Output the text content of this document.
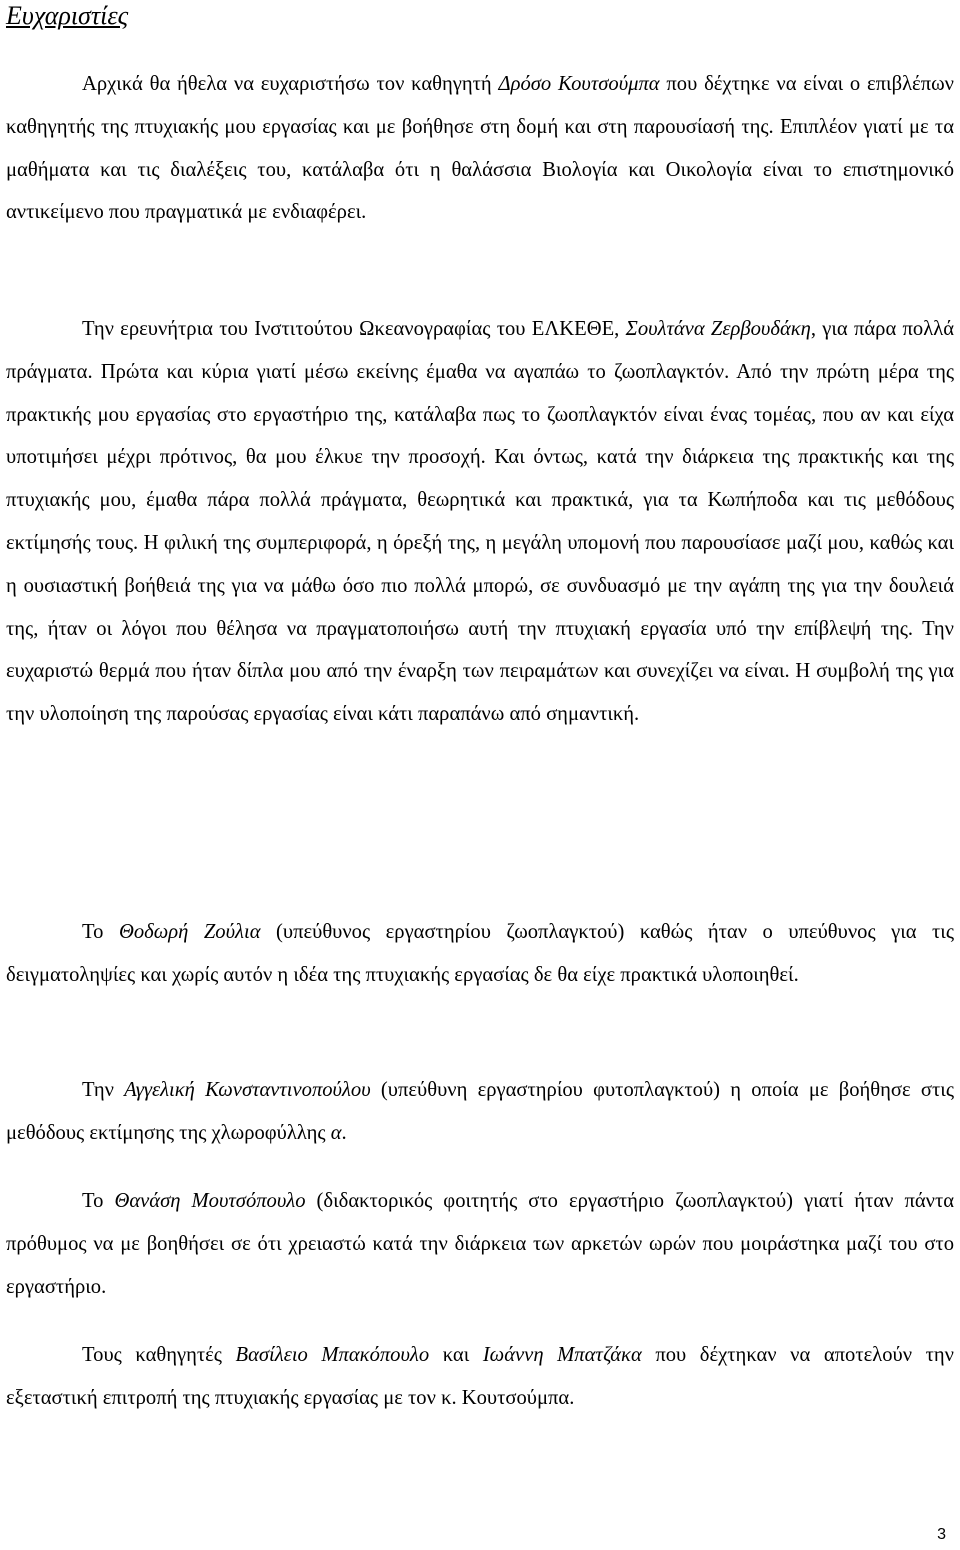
Ευχαριστίες

Αρχικά θα ήθελα να ευχαριστήσω τον καθηγητή Δρόσο Κουτσούμπα που δέχτηκε να είναι ο επιβλέπων καθηγητής της πτυχιακής μου εργασίας και με βοήθησε στη δομή και στη παρουσίασή της. Επιπλέον γιατί με τα μαθήματα και τις διαλέξεις του, κατάλαβα ότι η θαλάσσια Βιολογία και Οικολογία είναι το επιστημονικό αντικείμενο που πραγματικά με ενδιαφέρει.

Την ερευνήτρια του Ινστιτούτου Ωκεανογραφίας του ΕΛΚΕΘΕ, Σουλτάνα Ζερβουδάκη, για πάρα πολλά πράγματα. Πρώτα και κύρια γιατί μέσω εκείνης έμαθα να αγαπάω το ζωοπλαγκτόν. Από την πρώτη μέρα της πρακτικής μου εργασίας στο εργαστήριο της, κατάλαβα πως το ζωοπλαγκτόν είναι ένας τομέας, που αν και είχα υποτιμήσει μέχρι πρότινος, θα μου έλκυε την προσοχή. Και όντως, κατά την διάρκεια της πρακτικής και της πτυχιακής μου, έμαθα πάρα πολλά πράγματα, θεωρητικά και πρακτικά, για τα Κωπήποδα και τις μεθόδους εκτίμησής τους. Η φιλική της συμπεριφορά, η όρεξή της, η μεγάλη υπομονή που παρουσίασε μαζί μου, καθώς και η ουσιαστική βοήθειά της για να μάθω όσο πιο πολλά μπορώ, σε συνδυασμό με την αγάπη της για την δουλειά της, ήταν οι λόγοι που θέλησα να πραγματοποιήσω αυτή την πτυχιακή εργασία υπό την επίβλεψή της. Την ευχαριστώ θερμά που ήταν δίπλα μου από την έναρξη των πειραμάτων και συνεχίζει να είναι. Η συμβολή της για την υλοποίηση της παρούσας εργασίας είναι κάτι παραπάνω από σημαντική.

Το Θοδωρή Ζούλια (υπεύθυνος εργαστηρίου ζωοπλαγκτού) καθώς ήταν ο υπεύθυνος για τις δειγματοληψίες και χωρίς αυτόν η ιδέα της πτυχιακής εργασίας δε θα είχε πρακτικά υλοποιηθεί.

Την Αγγελική Κωνσταντινοπούλου (υπεύθυνη εργαστηρίου φυτοπλαγκτού) η οποία με βοήθησε στις μεθόδους εκτίμησης της χλωροφύλλης α.

Το Θανάση Μουτσόπουλο (διδακτορικός φοιτητής στο εργαστήριο ζωοπλαγκτού) γιατί ήταν πάντα πρόθυμος να με βοηθήσει σε ότι χρειαστώ κατά την διάρκεια των αρκετών ωρών που μοιράστηκα μαζί του στο εργαστήριο.

Τους καθηγητές Βασίλειο Μπακόπουλο και Ιωάννη Μπατζάκα που δέχτηκαν να αποτελούν την εξεταστική επιτροπή της πτυχιακής εργασίας με τον κ. Κουτσούμπα.

3
